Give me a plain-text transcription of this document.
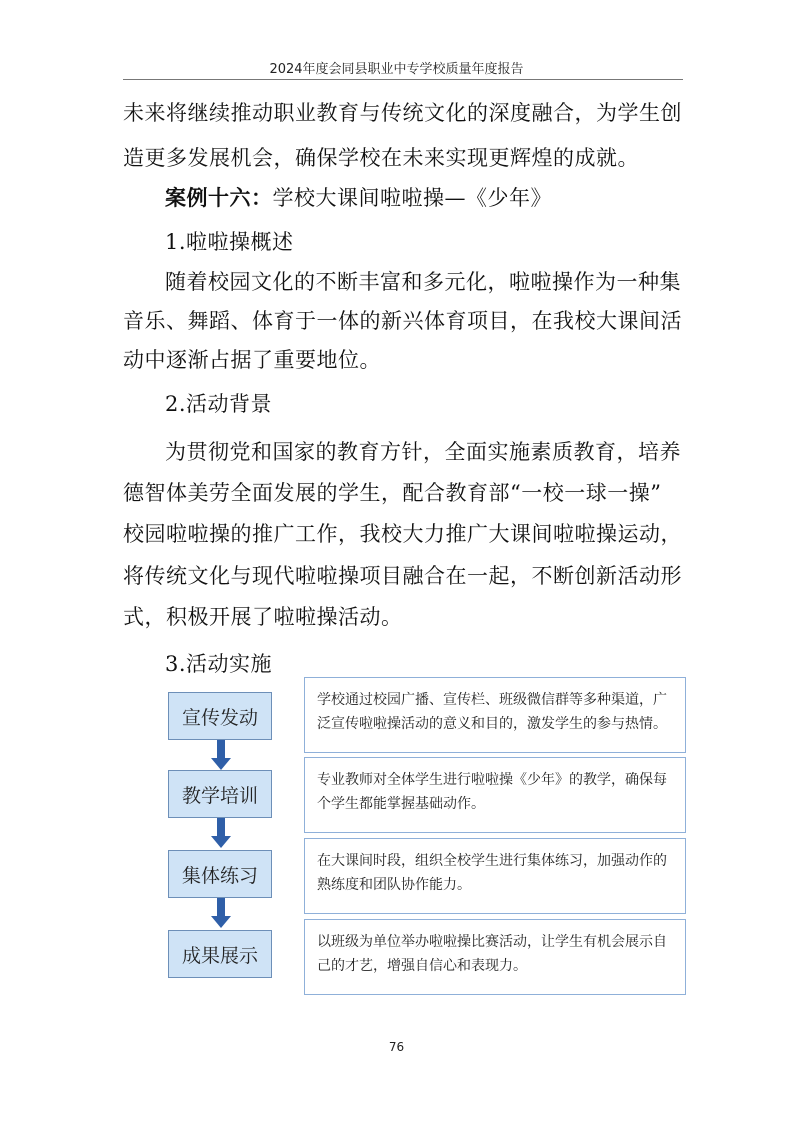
2024年度会同县职业中专学校质量年度报告
未来将继续推动职业教育与传统文化的深度融合，为学生创
造更多发展机会，确保学校在未来实现更辉煌的成就。
案例十六：学校大课间啦啦操—《少年》
1.啦啦操概述
随着校园文化的不断丰富和多元化，啦啦操作为一种集
音乐、舞蹈、体育于一体的新兴体育项目，在我校大课间活
动中逐渐占据了重要地位。
2.活动背景
为贯彻党和国家的教育方针，全面实施素质教育，培养
德智体美劳全面发展的学生，配合教育部“一校一球一操”
校园啦啦操的推广工作，我校大力推广大课间啦啦操运动，
将传统文化与现代啦啦操项目融合在一起，不断创新活动形
式，积极开展了啦啦操活动。
3.活动实施
宣传发动
教学培训
集体练习
成果展示
学校通过校园广播、宣传栏、班级微信群等多种渠道，广
泛宣传啦啦操活动的意义和目的，激发学生的参与热情。
专业教师对全体学生进行啦啦操《少年》的教学，确保每
个学生都能掌握基础动作。
在大课间时段，组织全校学生进行集体练习，加强动作的
熟练度和团队协作能力。
以班级为单位举办啦啦操比赛活动，让学生有机会展示自
己的才艺，增强自信心和表现力。
76
